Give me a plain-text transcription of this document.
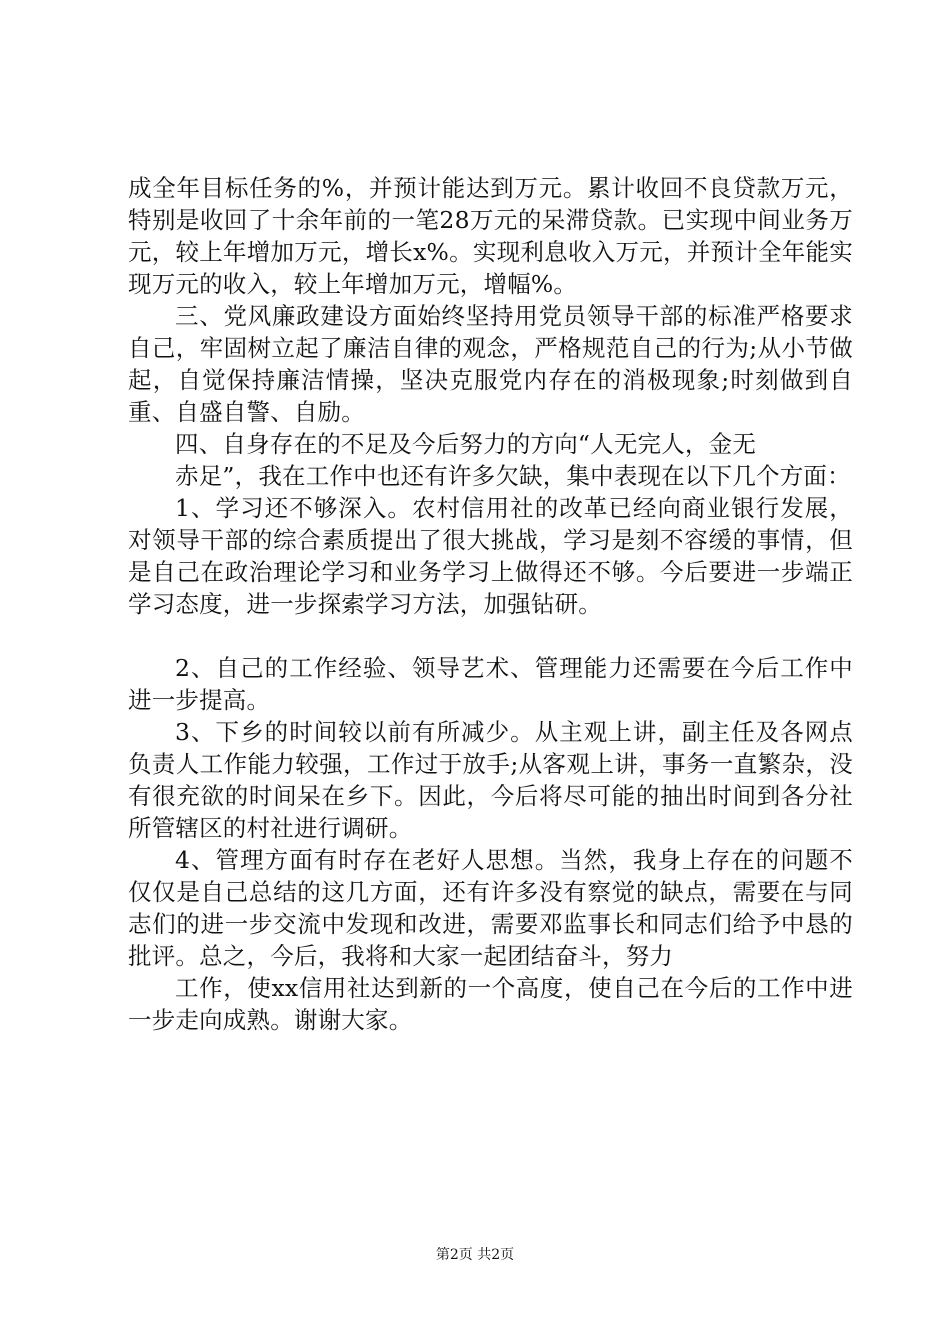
成全年目标任务的%，并预计能达到万元。累计收回不良贷款万元，特别是收回了十余年前的一笔28万元的呆滞贷款。已实现中间业务万元，较上年增加万元，增长x%。实现利息收入万元，并预计全年能实现万元的收入，较上年增加万元，增幅%。

三、党风廉政建设方面始终坚持用党员领导干部的标准严格要求自己，牢固树立起了廉洁自律的观念，严格规范自己的行为;从小节做起，自觉保持廉洁情操，坚决克服党内存在的消极现象;时刻做到自重、自盛自警、自励。

四、自身存在的不足及今后努力的方向“人无完人，金无

赤足”，我在工作中也还有许多欠缺，集中表现在以下几个方面：

1、学习还不够深入。农村信用社的改革已经向商业银行发展，对领导干部的综合素质提出了很大挑战，学习是刻不容缓的事情，但是自己在政治理论学习和业务学习上做得还不够。今后要进一步端正学习态度，进一步探索学习方法，加强钻研。

2、自己的工作经验、领导艺术、管理能力还需要在今后工作中进一步提高。

3、下乡的时间较以前有所减少。从主观上讲，副主任及各网点负责人工作能力较强，工作过于放手;从客观上讲，事务一直繁杂，没有很充欲的时间呆在乡下。因此，今后将尽可能的抽出时间到各分社所管辖区的村社进行调研。

4、管理方面有时存在老好人思想。当然，我身上存在的问题不仅仅是自己总结的这几方面，还有许多没有察觉的缺点，需要在与同志们的进一步交流中发现和改进，需要邓监事长和同志们给予中恳的批评。总之，今后，我将和大家一起团结奋斗，努力

工作，使xx信用社达到新的一个高度，使自己在今后的工作中进一步走向成熟。谢谢大家。

第2页 共2页
